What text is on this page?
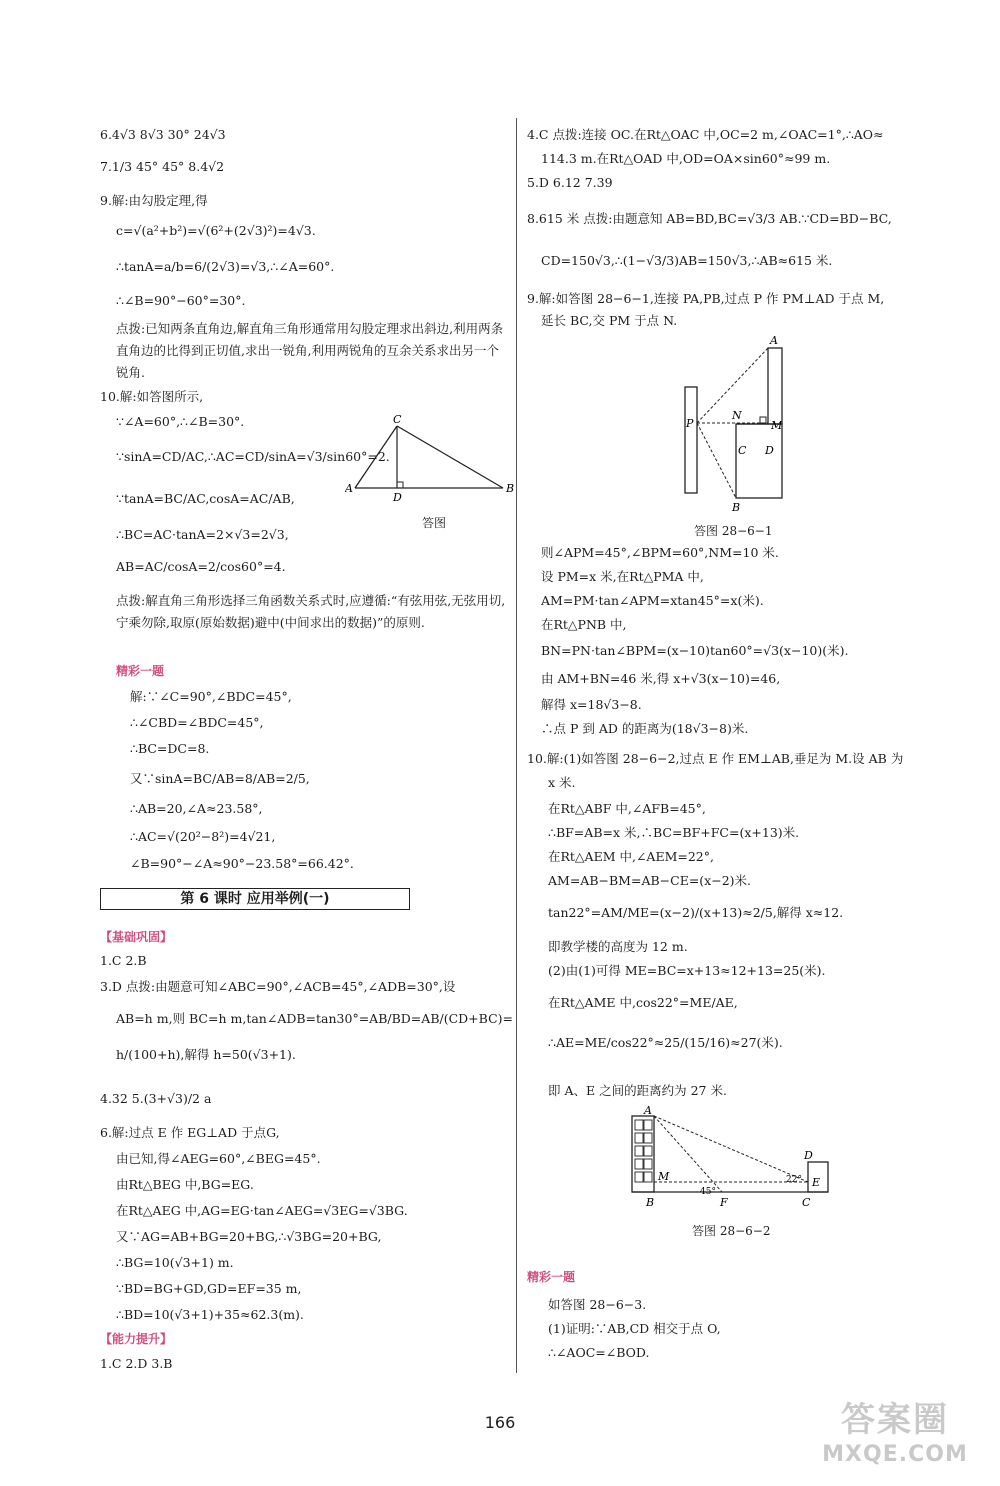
6.4√3 8√3 30° 24√3
7.1/3 45° 45° 8.4√2
9.解:由勾股定理,得
c=√(a²+b²)=√(6²+(2√3)²)=4√3.
∴tanA=a/b=6/(2√3)=√3,∴∠A=60°.
∴∠B=90°−60°=30°.
点拨:已知两条直角边,解直角三角形通常用勾股定理求出斜边,利用两条直角边的比得到正切值,求出一锐角,利用两锐角的互余关系求出另一个锐角.
10.解:如答图所示,
∵∠A=60°,∴∠B=30°.
∵sinA=CD/AC,∴AC=CD/sinA=√3/sin60°=2.
∵tanA=BC/AC,cosA=AC/AB,
∴BC=AC·tanA=2×√3=2√3,
AB=AC/cosA=2/cos60°=4.
点拨:解直角三角形选择三角函数关系式时,应遵循:“有弦用弦,无弦用切,宁乘勿除,取原(原始数据)避中(中间求出的数据)”的原则.
精彩一题
解:∵∠C=90°,∠BDC=45°,
∴∠CBD=∠BDC=45°,
∴BC=DC=8.
又∵sinA=BC/AB=8/AB=2/5,
∴AB=20,∠A≈23.58°,
∴AC=√(20²−8²)=4√21,
∠B=90°−∠A≈90°−23.58°=66.42°.
第 6 课时 应用举例(一)
【基础巩固】
1.C 2.B
3.D 点拨:由题意可知∠ABC=90°,∠ACB=45°,∠ADB=30°,设
AB=h m,则 BC=h m,tan∠ADB=tan30°=AB/BD=AB/(CD+BC)=
h/(100+h),解得 h=50(√3+1).
4.32 5.(3+√3)/2 a
6.解:过点 E 作 EG⊥AD 于点G,
由已知,得∠AEG=60°,∠BEG=45°.
由Rt△BEG 中,BG=EG.
在Rt△AEG 中,AG=EG·tan∠AEG=√3EG=√3BG.
又∵AG=AB+BG=20+BG,∴√3BG=20+BG,
∴BG=10(√3+1) m.
∵BD=BG+GD,GD=EF=35 m,
∴BD=10(√3+1)+35≈62.3(m).
【能力提升】
1.C 2.D 3.B
C
A
D
B
答图
4.C 点拨:连接 OC.在Rt△OAC 中,OC=2 m,∠OAC=1°,∴AO≈
114.3 m.在Rt△OAD 中,OD=OA×sin60°≈99 m.
5.D 6.12 7.39
8.615 米 点拨:由题意知 AB=BD,BC=√3/3 AB.∵CD=BD−BC,
CD=150√3,∴(1−√3/3)AB=150√3,∴AB≈615 米.
9.解:如答图 28−6−1,连接 PA,PB,过点 P 作 PM⊥AD 于点 M,
延长 BC,交 PM 于点 N.
A
P
N
M
C D
B
答图 28−6−1
则∠APM=45°,∠BPM=60°,NM=10 米.
设 PM=x 米,在Rt△PMA 中,
AM=PM·tan∠APM=xtan45°=x(米).
在Rt△PNB 中,
BN=PN·tan∠BPM=(x−10)tan60°=√3(x−10)(米).
由 AM+BN=46 米,得 x+√3(x−10)=46,
解得 x=18√3−8.
∴点 P 到 AD 的距离为(18√3−8)米.
10.解:(1)如答图 28−6−2,过点 E 作 EM⊥AB,垂足为 M.设 AB 为
x 米.
在Rt△ABF 中,∠AFB=45°,
∴BF=AB=x 米,∴BC=BF+FC=(x+13)米.
在Rt△AEM 中,∠AEM=22°,
AM=AB−BM=AB−CE=(x−2)米.
tan22°=AM/ME=(x−2)/(x+13)≈2/5,解得 x≈12.
即教学楼的高度为 12 m.
(2)由(1)可得 ME=BC=x+13≈12+13=25(米).
在Rt△AME 中,cos22°=ME/AE,
∴AE=ME/cos22°≈25/(15/16)≈27(米).
即 A、E 之间的距离约为 27 米.
A
D
M	E
45°
22°
B	F	C
答图 28−6−2
精彩一题
如答图 28−6−3.
(1)证明:∵AB,CD 相交于点 O,
∴∠AOC=∠BOD.
166	答案圈
MXQE.COM
